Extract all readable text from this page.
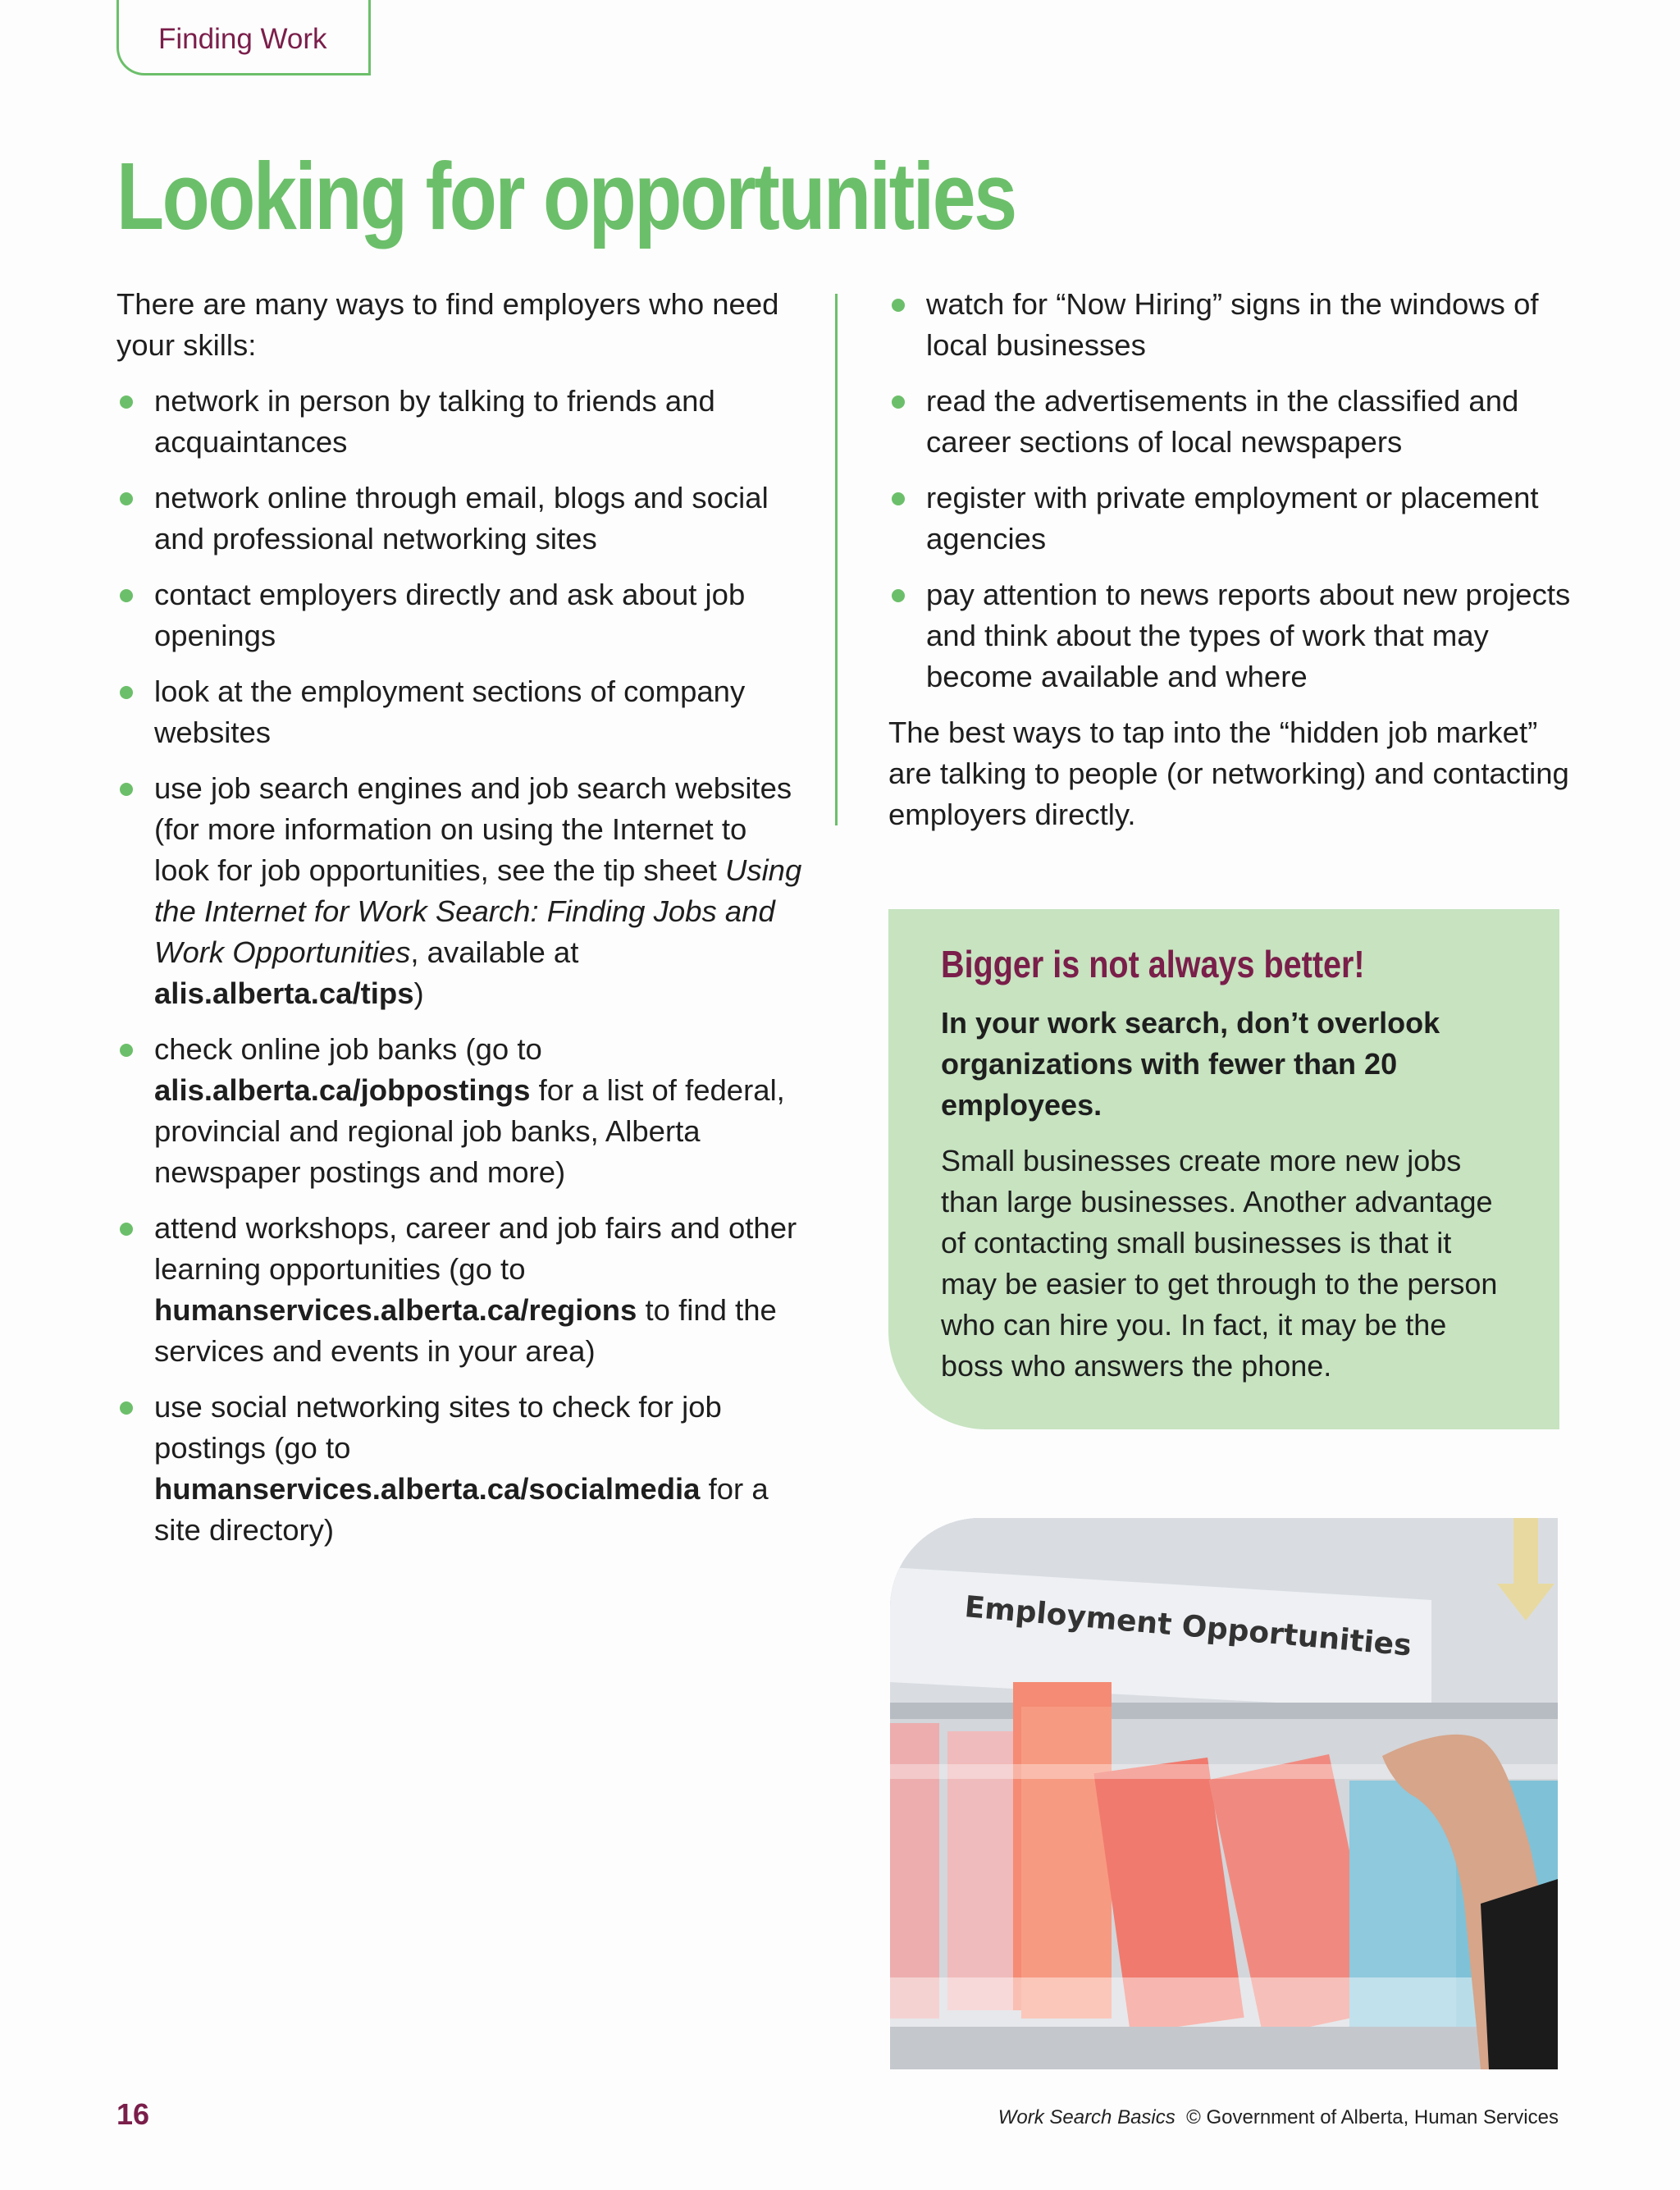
Finding Work
Looking for opportunities

There are many ways to find employers who need your skills:

network in person by talking to friends and acquaintances
network online through email, blogs and social and professional networking sites
contact employers directly and ask about job openings
look at the employment sections of company websites
use job search engines and job search websites (for more information on using the Internet to look for job opportunities, see the tip sheet Using the Internet for Work Search: Finding Jobs and Work Opportunities, available at alis.alberta.ca/tips)
check online job banks (go to alis.alberta.ca/jobpostings for a list of federal, provincial and regional job banks, Alberta newspaper postings and more)
attend workshops, career and job fairs and other learning opportunities (go to humanservices.alberta.ca/regions to find the services and events in your area)
use social networking sites to check for job postings (go to humanservices.alberta.ca/socialmedia for a site directory)
watch for “Now Hiring” signs in the windows of local businesses
read the advertisements in the classified and career sections of local newspapers
register with private employment or placement agencies
pay attention to news reports about new projects and think about the types of work that may become available and where

The best ways to tap into the “hidden job market” are talking to people (or networking) and contacting employers directly.

Bigger is not always better!

In your work search, don’t overlook organizations with fewer than 20 employees.

Small businesses create more new jobs than large businesses. Another advantage of contacting small businesses is that it may be easier to get through to the person who can hire you. In fact, it may be the boss who answers the phone.

Employment Opportunities
16	Work Search Basics © Government of Alberta, Human Services
